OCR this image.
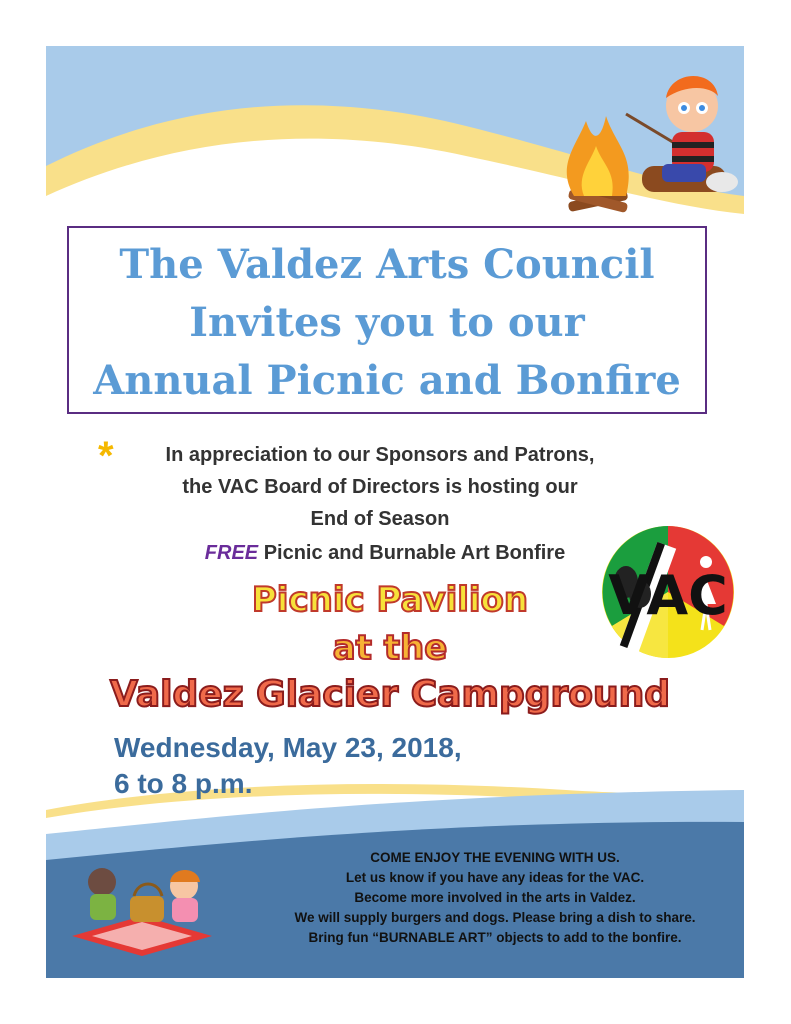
The Valdez Arts Council
Invites you to our
Annual Picnic and Bonfire
*	In appreciation to our Sponsors and Patrons,
the VAC Board of Directors is hosting our
End of Season
FREE Picnic and Burnable Art Bonfire
VAC
Picnic Pavilion
at the
Valdez Glacier Campground
Wednesday, May 23, 2018,
6 to 8 p.m.
COME ENJOY THE EVENING WITH US.
Let us know if you have any ideas for the VAC.
Become more involved in the arts in Valdez.
We will supply burgers and dogs. Please bring a dish to share.
Bring fun “BURNABLE ART” objects to add to the bonfire.
